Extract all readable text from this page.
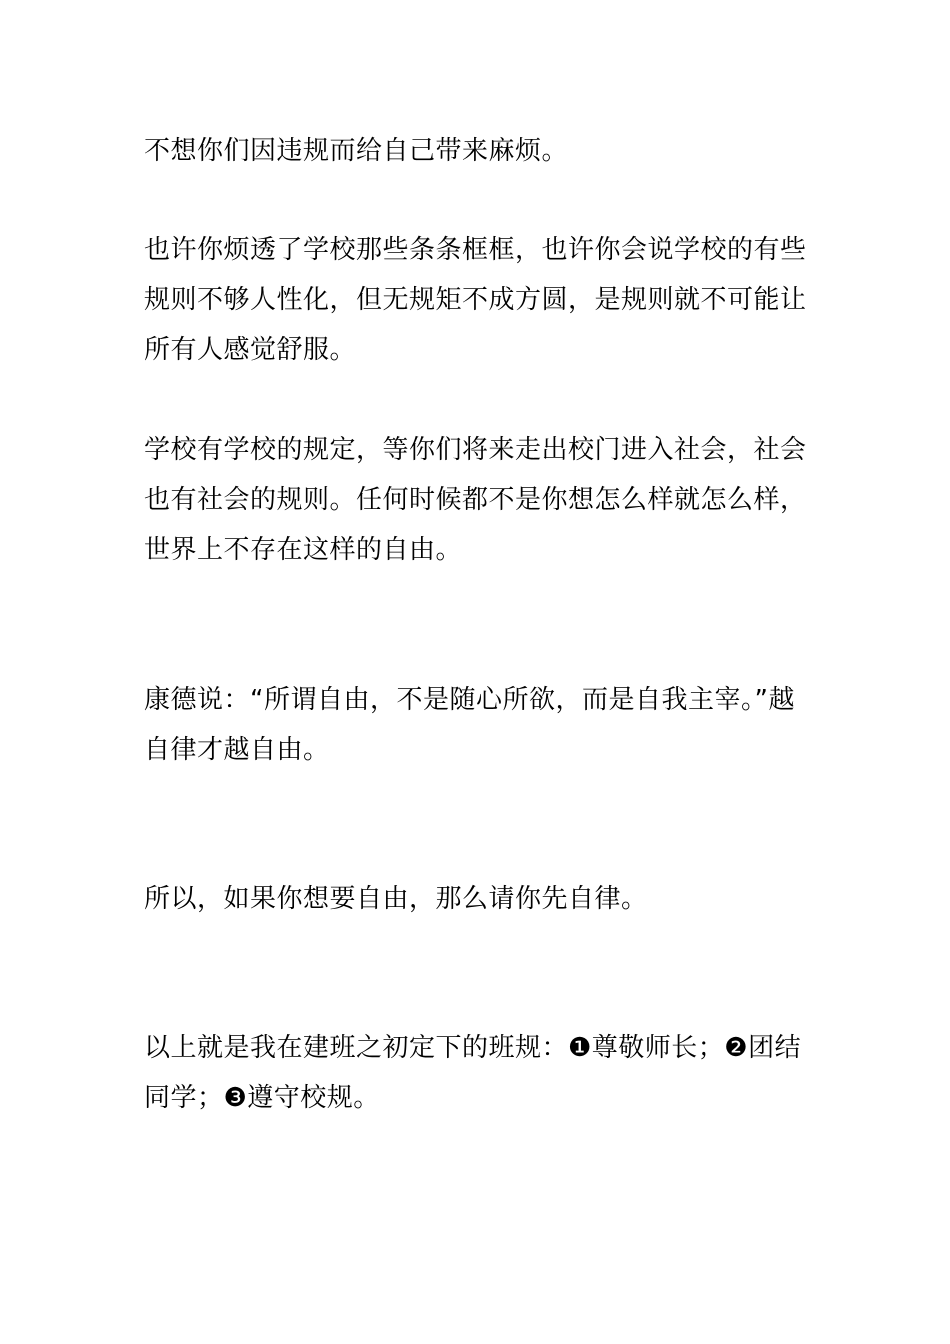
不想你们因违规而给自己带来麻烦。

也许你烦透了学校那些条条框框，也许你会说学校的有些规则不够人性化，但无规矩不成方圆，是规则就不可能让所有人感觉舒服。

学校有学校的规定，等你们将来走出校门进入社会，社会也有社会的规则。任何时候都不是你想怎么样就怎么样，世界上不存在这样的自由。

康德说：“所谓自由，不是随心所欲，而是自我主宰。”越自律才越自由。

所以，如果你想要自由，那么请你先自律。

以上就是我在建班之初定下的班规：❶尊敬师长；❷团结同学；❸遵守校规。
